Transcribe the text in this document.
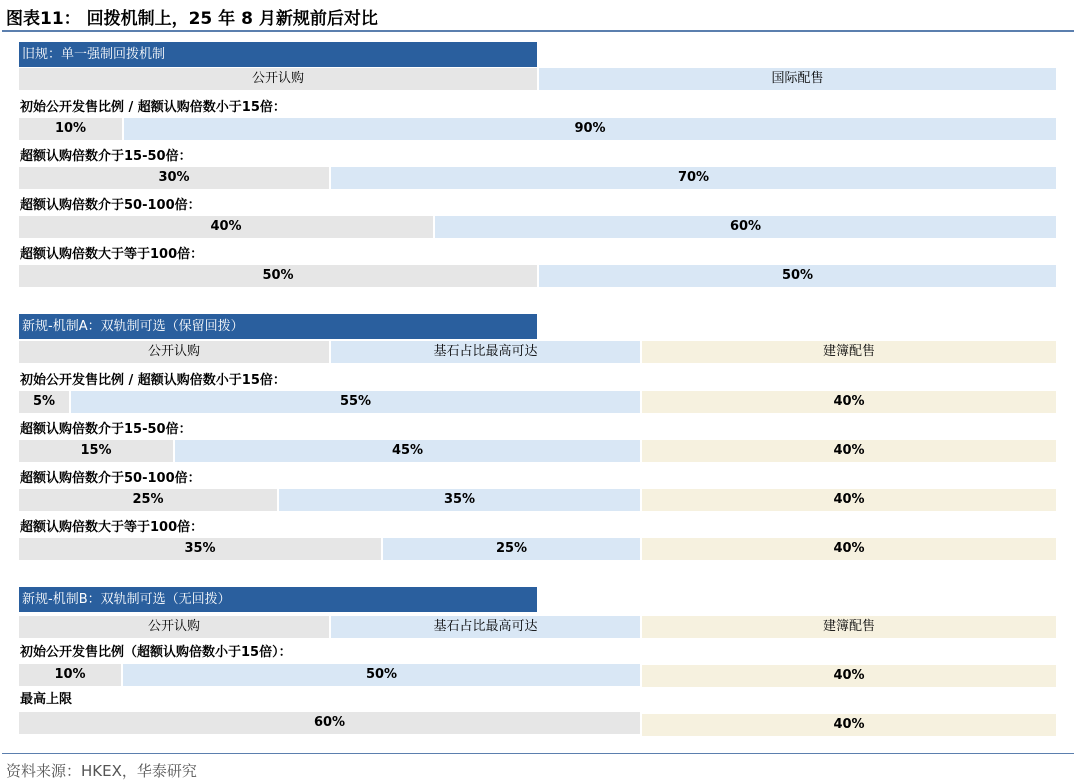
图表11： 回拨机制上，25 年 8 月新规前后对比
旧规：单一强制回拨机制
公开认购	国际配售
初始公开发售比例 / 超额认购倍数小于15倍：
10%	90%
超额认购倍数介于15-50倍：
30%	70%
超额认购倍数介于50-100倍：
40%	60%
超额认购倍数大于等于100倍：
50%	50%
新规-机制A：双轨制可选（保留回拨）
公开认购	基石占比最高可达	建簿配售
初始公开发售比例 / 超额认购倍数小于15倍：
5%	55%	40%
超额认购倍数介于15-50倍：
15%	45%	40%
超额认购倍数介于50-100倍：
25%	35%	40%
超额认购倍数大于等于100倍：
35%	25%	40%
新规-机制B：双轨制可选（无回拨）
公开认购	基石占比最高可达	建簿配售
初始公开发售比例（超额认购倍数小于15倍）：
10%	50%	40%
最高上限
60%	40%
资料来源：HKEX，华泰研究
